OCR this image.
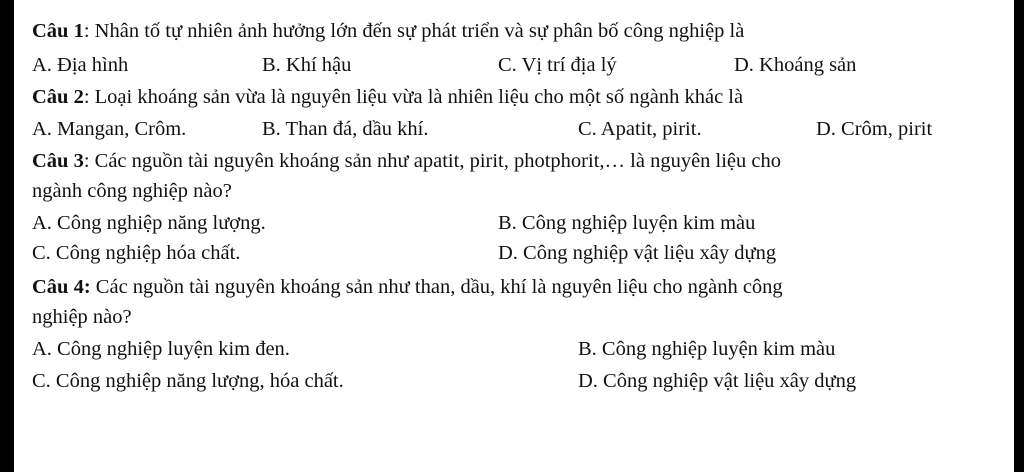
Câu 1: Nhân tố tự nhiên ảnh hưởng lớn đến sự phát triển và sự phân bố công nghiệp là
A. Địa hình	B. Khí hậu	C. Vị trí địa lý	D. Khoáng sản
Câu 2: Loại khoáng sản vừa là nguyên liệu vừa là nhiên liệu cho một số ngành khác là
A. Mangan, Crôm.	B. Than đá, dầu khí.	C. Apatit, pirit.	D. Crôm, pirit
Câu 3: Các nguồn tài nguyên khoáng sản như apatit, pirit, photphorit,… là nguyên liệu cho
ngành công nghiệp nào?
A. Công nghiệp năng lượng.	B. Công nghiệp luyện kim màu
C. Công nghiệp hóa chất.	D. Công nghiệp vật liệu xây dựng
Câu 4: Các nguồn tài nguyên khoáng sản như than, dầu, khí là nguyên liệu cho ngành công
nghiệp nào?
A. Công nghiệp luyện kim đen.	B. Công nghiệp luyện kim màu
C. Công nghiệp năng lượng, hóa chất.	D. Công nghiệp vật liệu xây dựng
